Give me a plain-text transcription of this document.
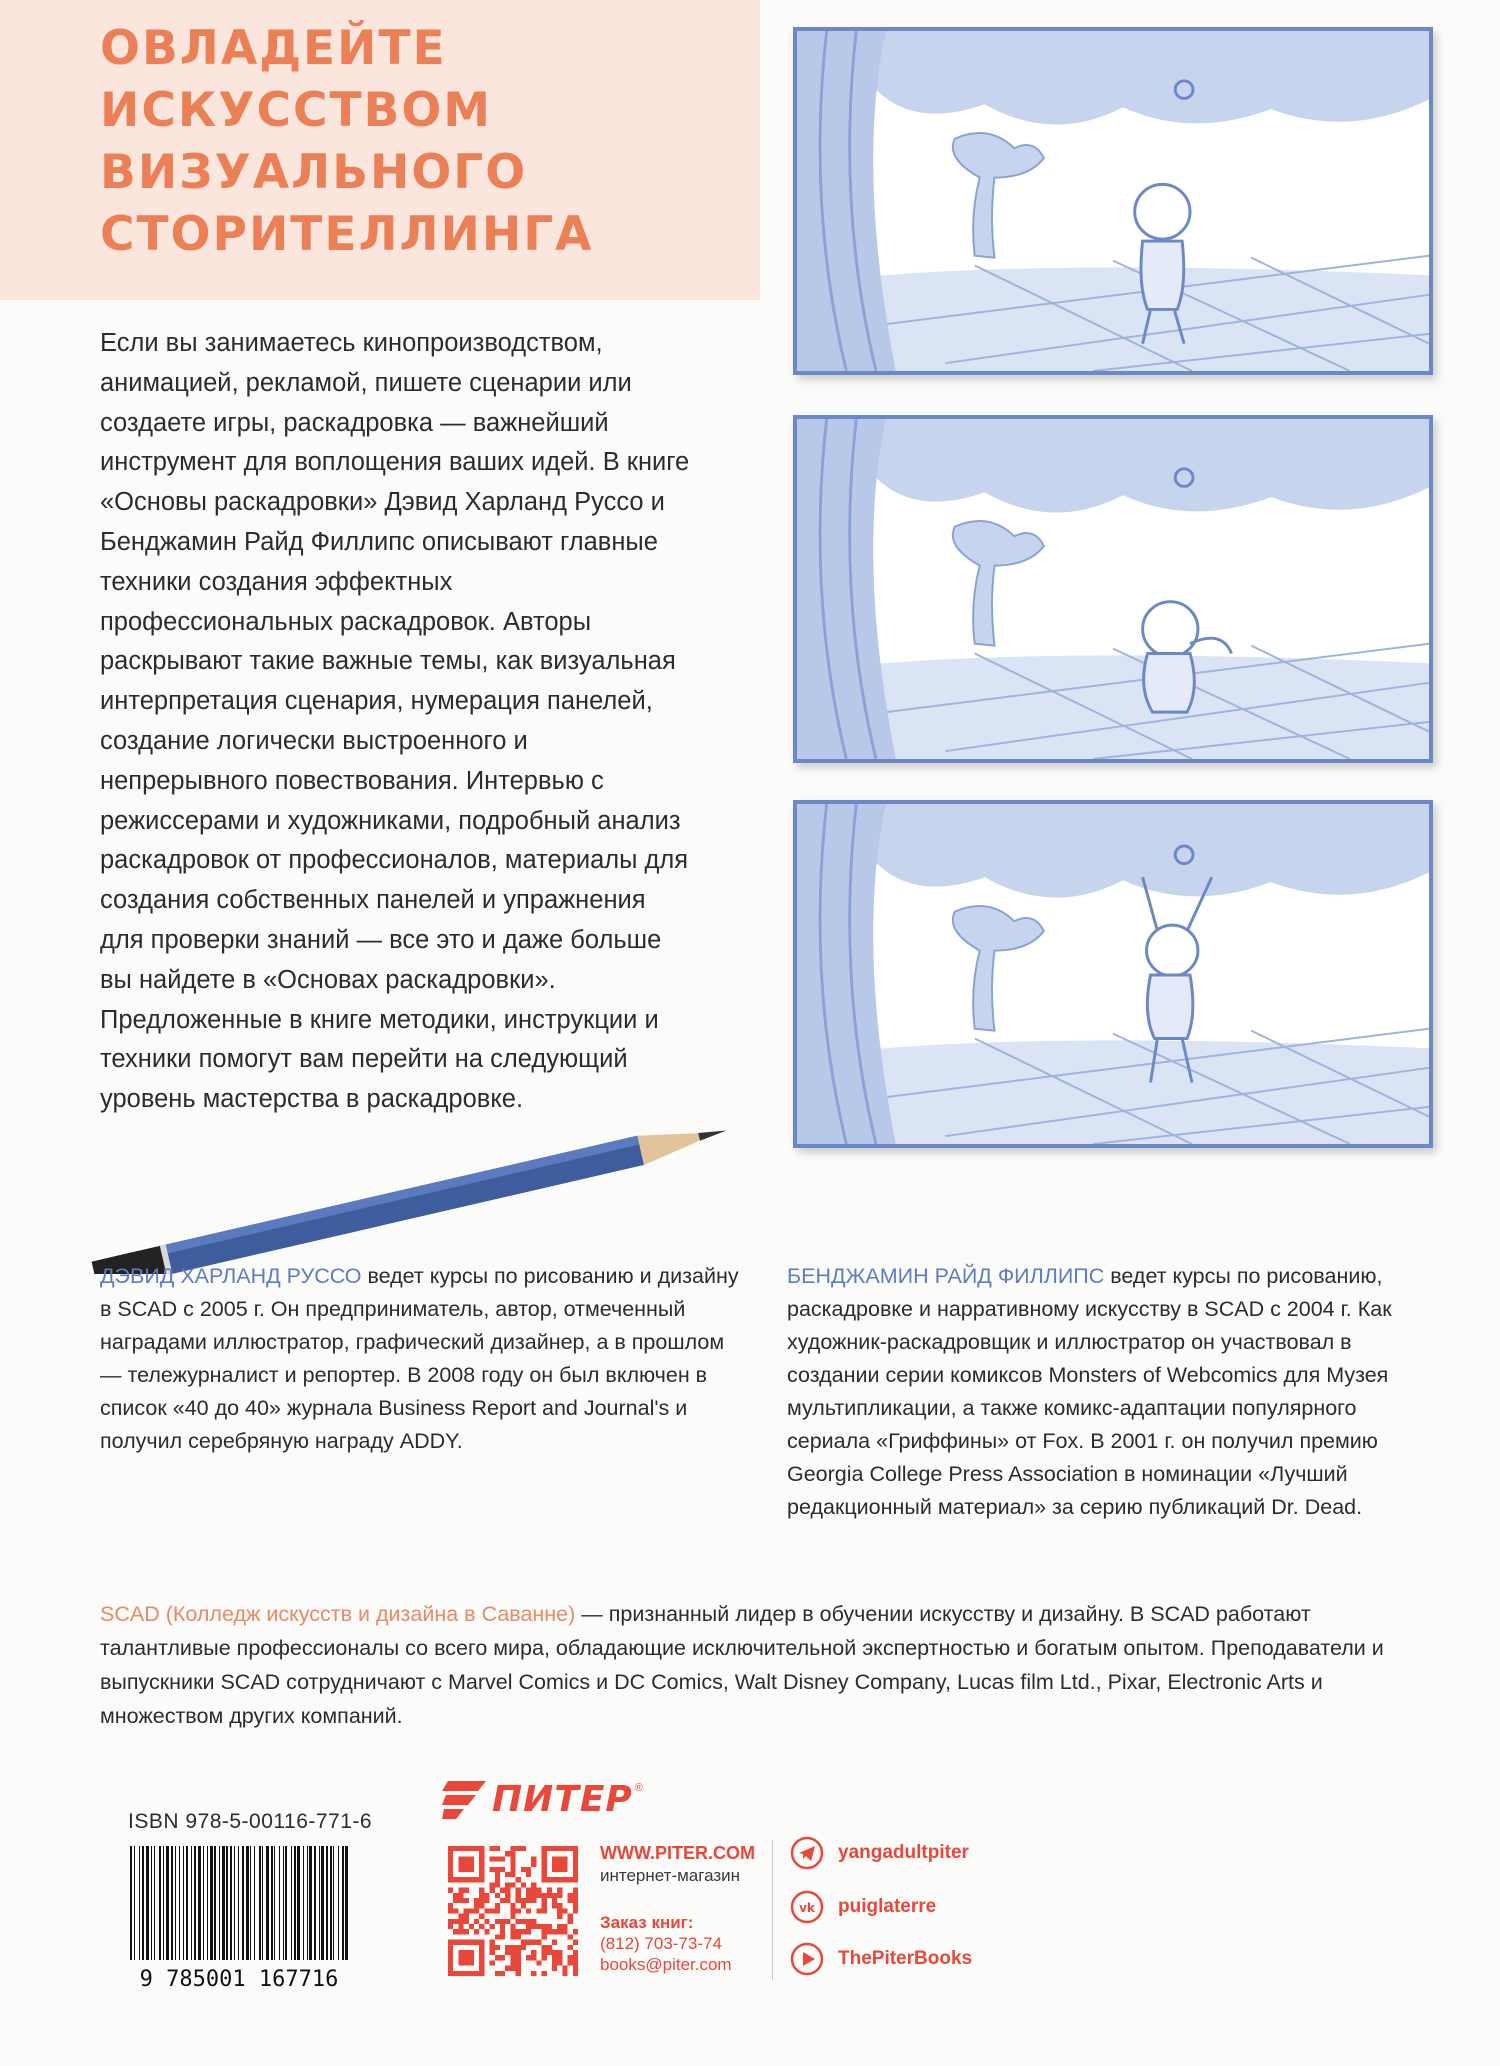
ОВЛАДЕЙТЕ
ИСКУССТВОМ
ВИЗУАЛЬНОГО
СТОРИТЕЛЛИНГА

Если вы занимаетесь кинопроизводством, анимацией, рекламой, пишете сценарии или создаете игры, раскадровка — важнейший инструмент для воплощения ваших идей. В книге «Основы раскадровки» Дэвид Харланд Руссо и Бенджамин Райд Филлипс описывают главные техники создания эффектных профессиональных раскадровок. Авторы раскрывают такие важные темы, как визуальная интерпретация сценария, нумерация панелей, создание логически выстроенного и непрерывного повествования. Интервью с режиссерами и художниками, подробный анализ раскадровок от профессионалов, материалы для создания собственных панелей и упражнения для проверки знаний — все это и даже больше вы найдете в «Основах раскадровки». Предложенные в книге методики, инструкции и техники помогут вам перейти на следующий уровень мастерства в раскадровке.

ДЭВИД ХАРЛАНД РУССО ведет курсы по рисованию и дизайну в SCAD с 2005 г. Он предприниматель, автор, отмеченный наградами иллюстратор, графический дизайнер, а в прошлом — тележурналист и репортер. В 2008 году он был включен в список «40 до 40» журнала Business Report and Journal's и получил серебряную награду ADDY.

БЕНДЖАМИН РАЙД ФИЛЛИПС ведет курсы по рисованию, раскадровке и нарративному искусству в SCAD с 2004 г. Как художник-раскадровщик и иллюстратор он участвовал в создании серии комиксов Monsters of Webcomics для Музея мультипликации, а также комикс-адаптации популярного сериала «Гриффины» от Fox. В 2001 г. он получил премию Georgia College Press Association в номинации «Лучший редакционный материал» за серию публикаций Dr. Dead.

SCAD (Колледж искусств и дизайна в Саванне) — признанный лидер в обучении искусству и дизайну. В SCAD работают талантливые профессионалы со всего мира, обладающие исключительной экспертностью и богатым опытом. Преподаватели и выпускники SCAD сотрудничают с Marvel Comics и DC Comics, Walt Disney Company, Lucas film Ltd., Pixar, Electronic Arts и множеством других компаний.

ISBN 978-5-00116-771-6

9 785001 167716
ПИТЕР ®
WWW.PITER.COM
интернет-магазин
Заказ книг:
(812) 703-73-74
books@piter.com
yangadultpiter
vk puiglaterre
ThePiterBooks
